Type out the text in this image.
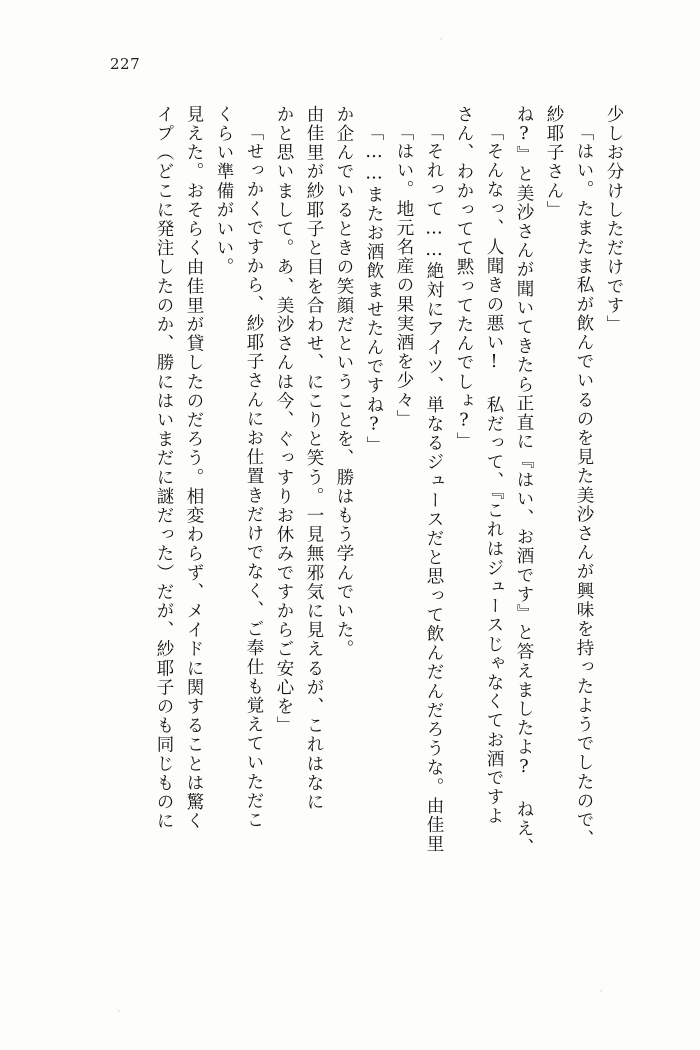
227
イプ（どこに発注したのか、勝にはいまだに謎だった）だが、紗耶子のも同じものに 見えた。おそらく由佳里が貸したのだろう。相変わらず、メイドに関することは驚く くらい準備がいい。 「せっかくですから、紗耶子さんにお仕置きだけでなく、ご奉仕も覚えていただこ かと思いまして。あ、美沙さんは今、ぐっすりお休みですからご安心を」 由佳里が紗耶子と目を合わせ、にこりと笑う。一見無邪気に見えるが、これはなに か企んでいるときの笑顔だということを、勝はもう学んでいた。 「……またお酒飲ませたんですね?」 「はい。地元名産の果実酒を少々」 「それって……絶対にアイツ、単なるジュースだと思って飲んだんだろうな。由佳里 さん、わかってて黙ってたんでしょ?」 「そんなっ、人聞きの悪い! 私だって、『これはジュースじゃなくてお酒ですよ ね?』と美沙さんが聞いてきたら正直に『はい、お酒です』と答えましたよ? ねえ、 紗耶子さん」 「はい。たまたま私が飲んでいるのを見た美沙さんが興味を持ったようでしたので、 少しお分けしただけです」
